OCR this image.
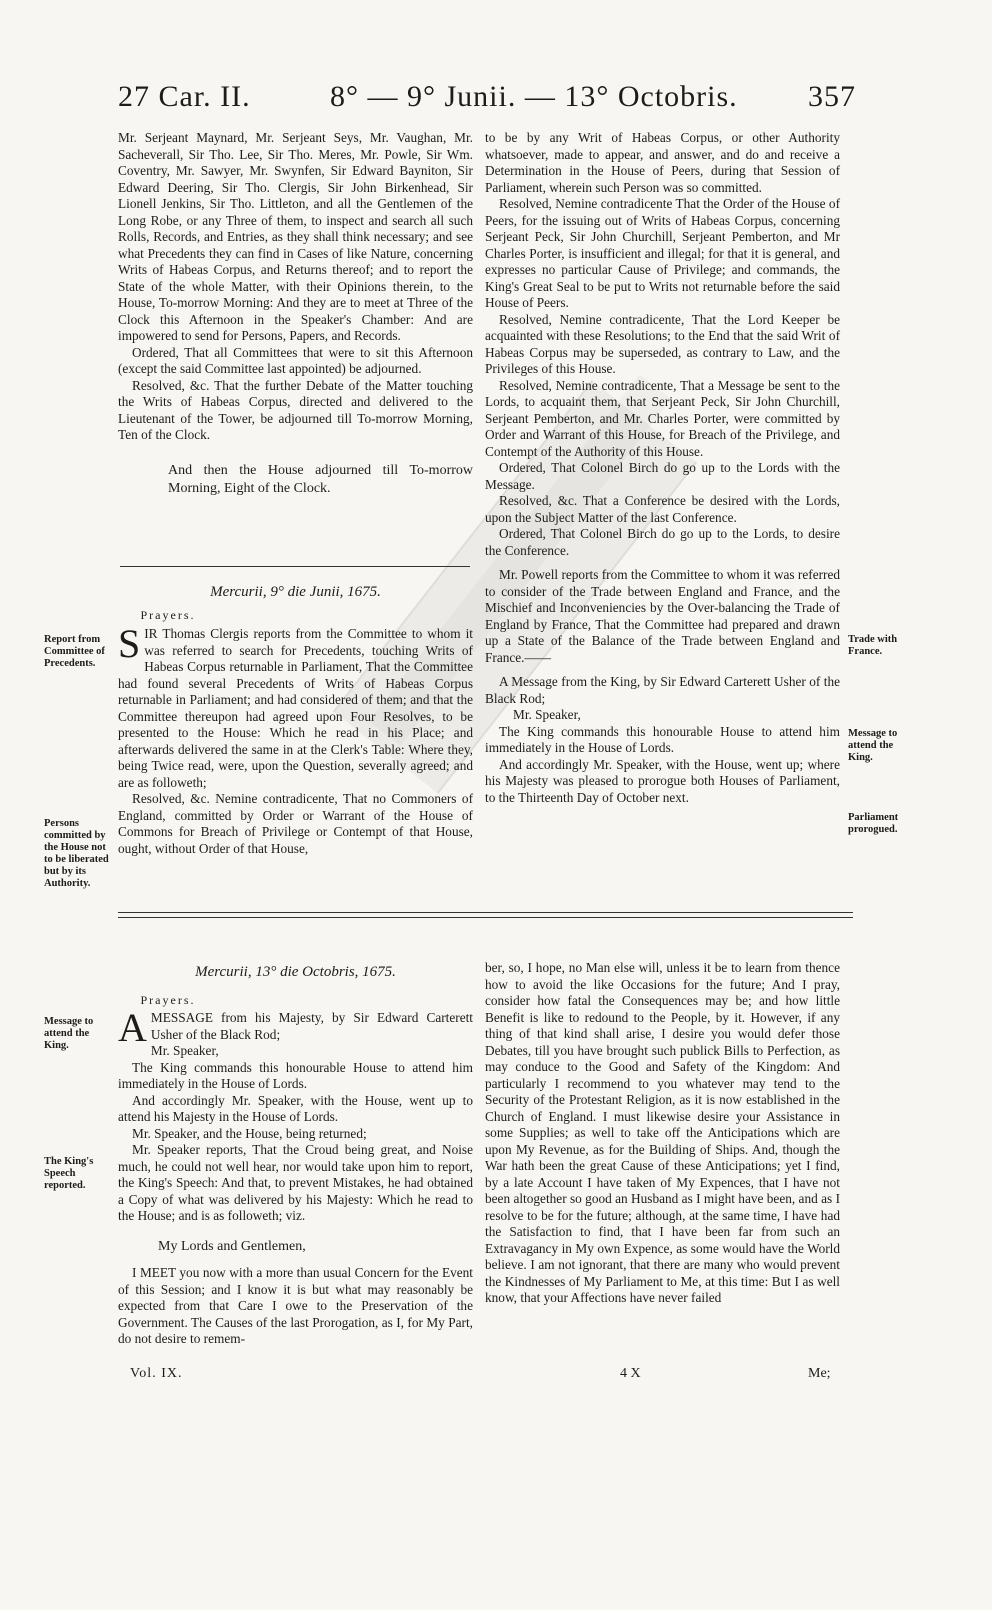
27 Car. II.	8° — 9° Junii. — 13° Octobris. 357

Mr. Serjeant Maynard, Mr. Serjeant Seys, Mr. Vaughan, Mr. Sacheverall, Sir Tho. Lee, Sir Tho. Meres, Mr. Powle, Sir Wm. Coventry, Mr. Sawyer, Mr. Swynfen, Sir Edward Bayniton, Sir Edward Deering, Sir Tho. Clergis, Sir John Birkenhead, Sir Lionell Jenkins, Sir Tho. Littleton, and all the Gentlemen of the Long Robe, or any Three of them, to inspect and search all such Rolls, Records, and Entries, as they shall think necessary; and see what Precedents they can find in Cases of like Nature, concerning Writs of Habeas Corpus, and Returns thereof; and to report the State of the whole Matter, with their Opinions therein, to the House, To-morrow Morning: And they are to meet at Three of the Clock this Afternoon in the Speaker's Chamber: And are impowered to send for Persons, Papers, and Records.

Ordered, That all Committees that were to sit this Afternoon (except the said Committee last appointed) be adjourned.

Resolved, &c. That the further Debate of the Matter touching the Writs of Habeas Corpus, directed and delivered to the Lieutenant of the Tower, be adjourned till To-morrow Morning, Ten of the Clock.

And then the House adjourned till To-morrow Morning, Eight of the Clock.

Mercurii, 9° die Junii, 1675.
Prayers.

SIR Thomas Clergis reports from the Committee to whom it was referred to search for Precedents, touching Writs of Habeas Corpus returnable in Parliament, That the Committee had found several Precedents of Writs of Habeas Corpus returnable in Parliament; and had considered of them; and that the Committee thereupon had agreed upon Four Resolves, to be presented to the House: Which he read in his Place; and afterwards delivered the same in at the Clerk's Table: Where they, being Twice read, were, upon the Question, severally agreed; and are as followeth;

Resolved, &c. Nemine contradicente, That no Commoners of England, committed by Order or Warrant of the House of Commons for Breach of Privilege or Contempt of that House, ought, without Order of that House,

Report from Committee of Precedents.
Persons committed by the House not to be liberated but by its Authority.

to be by any Writ of Habeas Corpus, or other Authority whatsoever, made to appear, and answer, and do and receive a Determination in the House of Peers, during that Session of Parliament, wherein such Person was so committed.

Resolved, Nemine contradicente That the Order of the House of Peers, for the issuing out of Writs of Habeas Corpus, concerning Serjeant Peck, Sir John Churchill, Serjeant Pemberton, and Mr Charles Porter, is insufficient and illegal; for that it is general, and expresses no particular Cause of Privilege; and commands, the King's Great Seal to be put to Writs not returnable before the said House of Peers.

Resolved, Nemine contradicente, That the Lord Keeper be acquainted with these Resolutions; to the End that the said Writ of Habeas Corpus may be superseded, as contrary to Law, and the Privileges of this House.

Resolved, Nemine contradicente, That a Message be sent to the Lords, to acquaint them, that Serjeant Peck, Sir John Churchill, Serjeant Pemberton, and Mr. Charles Porter, were committed by Order and Warrant of this House, for Breach of the Privilege, and Contempt of the Authority of this House.

Ordered, That Colonel Birch do go up to the Lords with the Message.

Resolved, &c. That a Conference be desired with the Lords, upon the Subject Matter of the last Conference.

Ordered, That Colonel Birch do go up to the Lords, to desire the Conference.

Mr. Powell reports from the Committee to whom it was referred to consider of the Trade between England and France, and the Mischief and Inconveniencies by the Over-balancing the Trade of England by France, That the Committee had prepared and drawn up a State of the Balance of the Trade between England and France.——

A Message from the King, by Sir Edward Carterett Usher of the Black Rod;

Mr. Speaker,

The King commands this honourable House to attend him immediately in the House of Lords.

And accordingly Mr. Speaker, with the House, went up; where his Majesty was pleased to prorogue both Houses of Parliament, to the Thirteenth Day of October next.

Trade with France.
Message to attend the King.
Parliament prorogued.
Mercurii, 13° die Octobris, 1675.
Prayers.

AMESSAGE from his Majesty, by Sir Edward Carterett Usher of the Black Rod;

Mr. Speaker,

The King commands this honourable House to attend him immediately in the House of Lords.

And accordingly Mr. Speaker, with the House, went up to attend his Majesty in the House of Lords.

Mr. Speaker, and the House, being returned;

Mr. Speaker reports, That the Croud being great, and Noise much, he could not well hear, nor would take upon him to report, the King's Speech: And that, to prevent Mistakes, he had obtained a Copy of what was delivered by his Majesty: Which he read to the House; and is as followeth; viz.

My Lords and Gentlemen,

I MEET you now with a more than usual Concern for the Event of this Session; and I know it is but what may reasonably be expected from that Care I owe to the Preservation of the Government. The Causes of the last Prorogation, as I, for My Part, do not desire to remem-

Message to attend the King.
The King's Speech reported.

ber, so, I hope, no Man else will, unless it be to learn from thence how to avoid the like Occasions for the future; And I pray, consider how fatal the Consequences may be; and how little Benefit is like to redound to the People, by it. However, if any thing of that kind shall arise, I desire you would defer those Debates, till you have brought such publick Bills to Perfection, as may conduce to the Good and Safety of the Kingdom: And particularly I recommend to you whatever may tend to the Security of the Protestant Religion, as it is now established in the Church of England. I must likewise desire your Assistance in some Supplies; as well to take off the Anticipations which are upon My Revenue, as for the Building of Ships. And, though the War hath been the great Cause of these Anticipations; yet I find, by a late Account I have taken of My Expences, that I have not been altogether so good an Husband as I might have been, and as I resolve to be for the future; although, at the same time, I have had the Satisfaction to find, that I have been far from such an Extravagancy in My own Expence, as some would have the World believe. I am not ignorant, that there are many who would prevent the Kindnesses of My Parliament to Me, at this time: But I as well know, that your Affections have never failed

Vol. IX.	4 X	Me;
